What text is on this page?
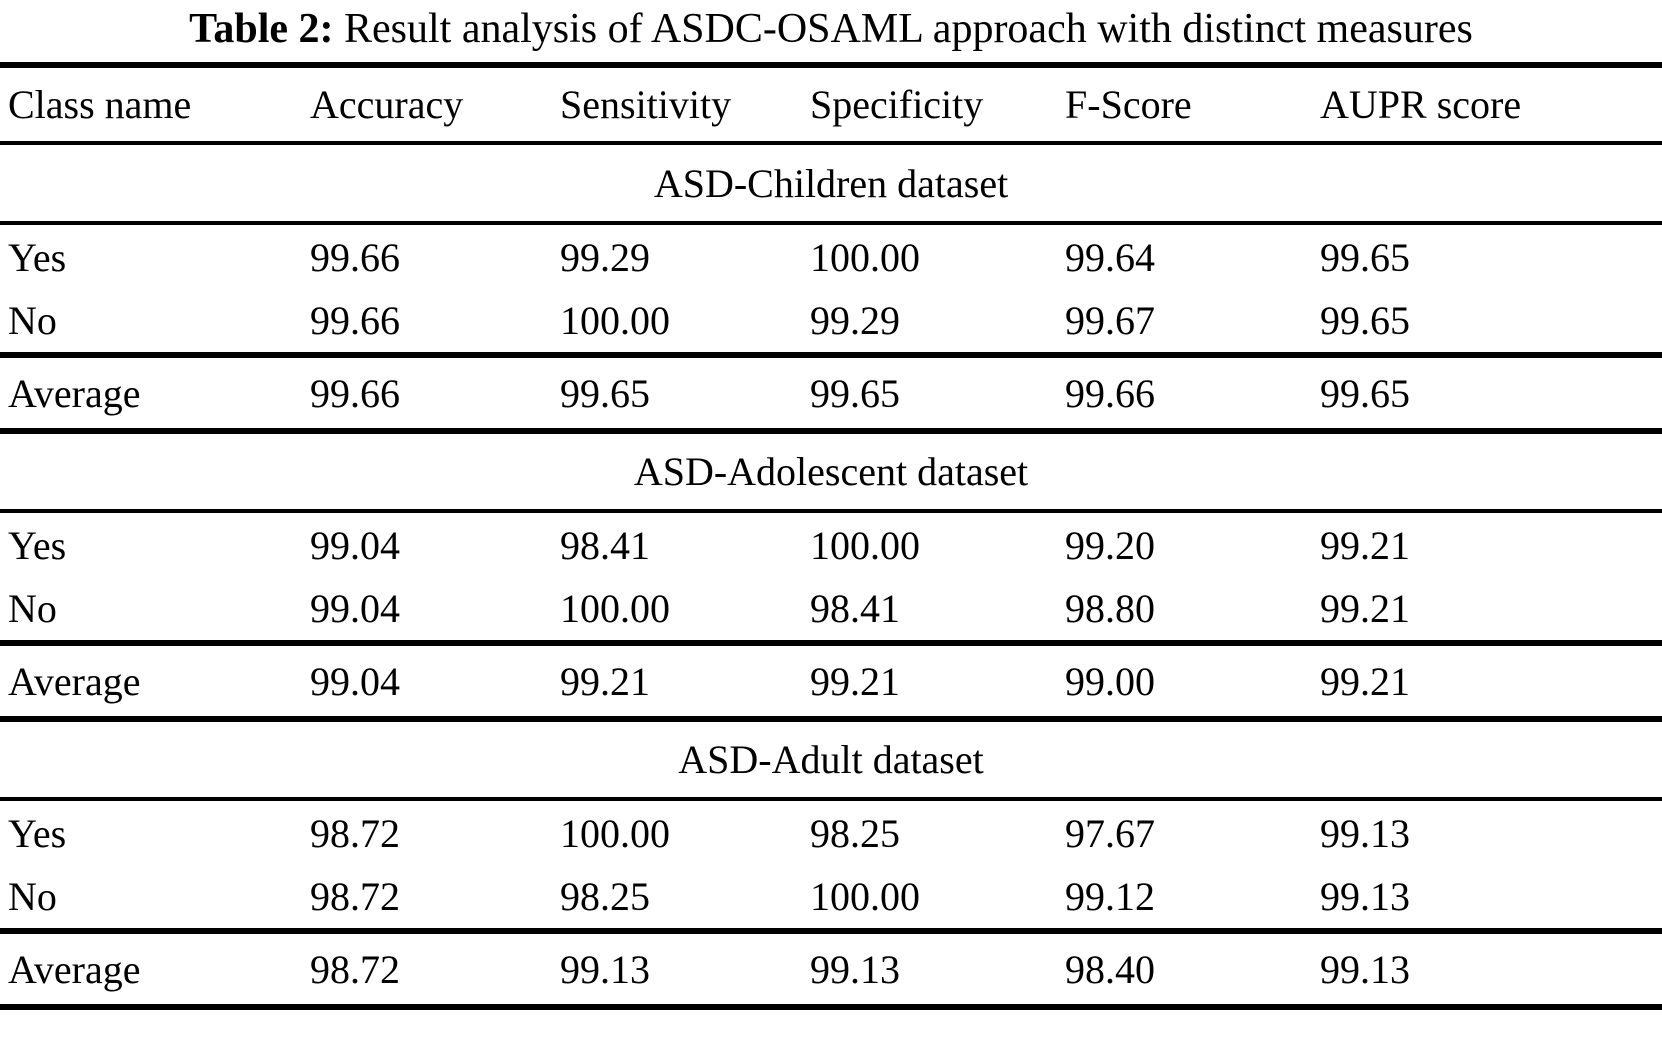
Table 2: Result analysis of ASDC-OSAML approach with distinct measures
Class name	Accuracy	Sensitivity	Specificity	F-Score	AUPR score
ASD-Children dataset					
Yes	99.66	99.29	100.00	99.64	99.65
No	99.66	100.00	99.29	99.67	99.65
Average	99.66	99.65	99.65	99.66	99.65
ASD-Adolescent dataset					
Yes	99.04	98.41	100.00	99.20	99.21
No	99.04	100.00	98.41	98.80	99.21
Average	99.04	99.21	99.21	99.00	99.21
ASD-Adult dataset					
Yes	98.72	100.00	98.25	97.67	99.13
No	98.72	98.25	100.00	99.12	99.13
Average	98.72	99.13	99.13	98.40	99.13
